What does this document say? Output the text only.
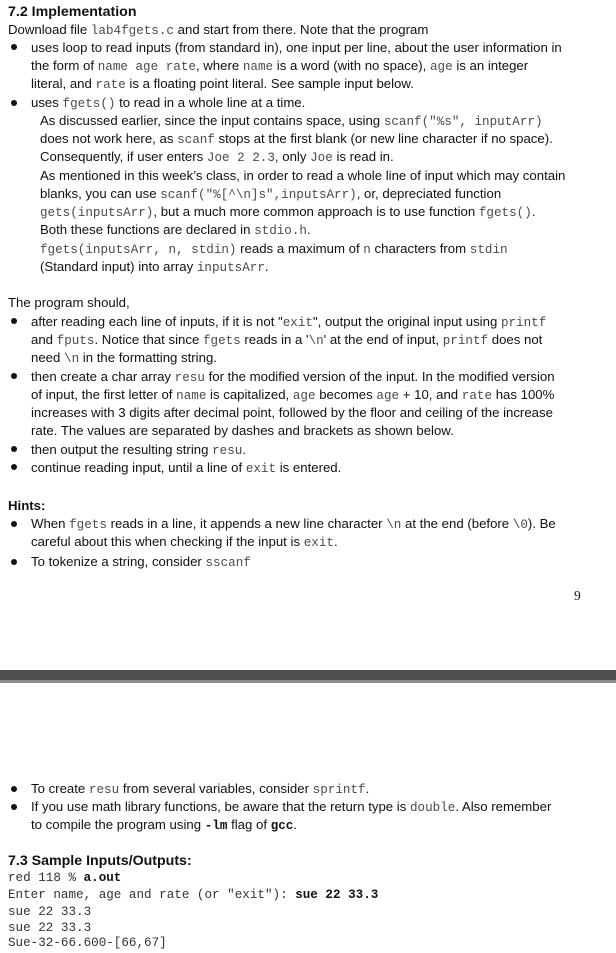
7.2 Implementation
Download file lab4fgets.c and start from there. Note that the program
uses loop to read inputs (from standard in), one input per line, about the user information in
the form of name age rate, where name is a word (with no space), age is an integer
literal, and rate is a floating point literal. See sample input below.
uses fgets() to read in a whole line at a time.
As discussed earlier, since the input contains space, using scanf("%s", inputArr)
does not work here, as scanf stops at the first blank (or new line character if no space).
Consequently, if user enters Joe 2 2.3, only Joe is read in.
As mentioned in this week’s class, in order to read a whole line of input which may contain
blanks, you can use scanf("%[^\n]s",inputsArr), or, depreciated function
gets(inputsArr), but a much more common approach is to use function fgets().
Both these functions are declared in stdio.h.
fgets(inputsArr, n, stdin) reads a maximum of n characters from stdin
(Standard input) into array inputsArr.
The program should,
after reading each line of inputs, if it is not "exit", output the original input using printf
and fputs. Notice that since fgets reads in a '\n' at the end of input, printf does not
need \n in the formatting string.
then create a char array resu for the modified version of the input. In the modified version
of input, the first letter of name is capitalized, age becomes age + 10, and rate has 100%
increases with 3 digits after decimal point, followed by the floor and ceiling of the increase
rate. The values are separated by dashes and brackets as shown below.
then output the resulting string resu.
continue reading input, until a line of exit is entered.
Hints:
When fgets reads in a line, it appends a new line character \n at the end (before \0). Be
careful about this when checking if the input is exit.
To tokenize a string, consider sscanf
9
To create resu from several variables, consider sprintf.
If you use math library functions, be aware that the return type is double. Also remember
to compile the program using -lm flag of gcc.
7.3 Sample Inputs/Outputs:
red 118 % a.out
Enter name, age and rate (or "exit"): sue 22 33.3
sue 22 33.3
sue 22 33.3
Sue-32-66.600-[66,67]
